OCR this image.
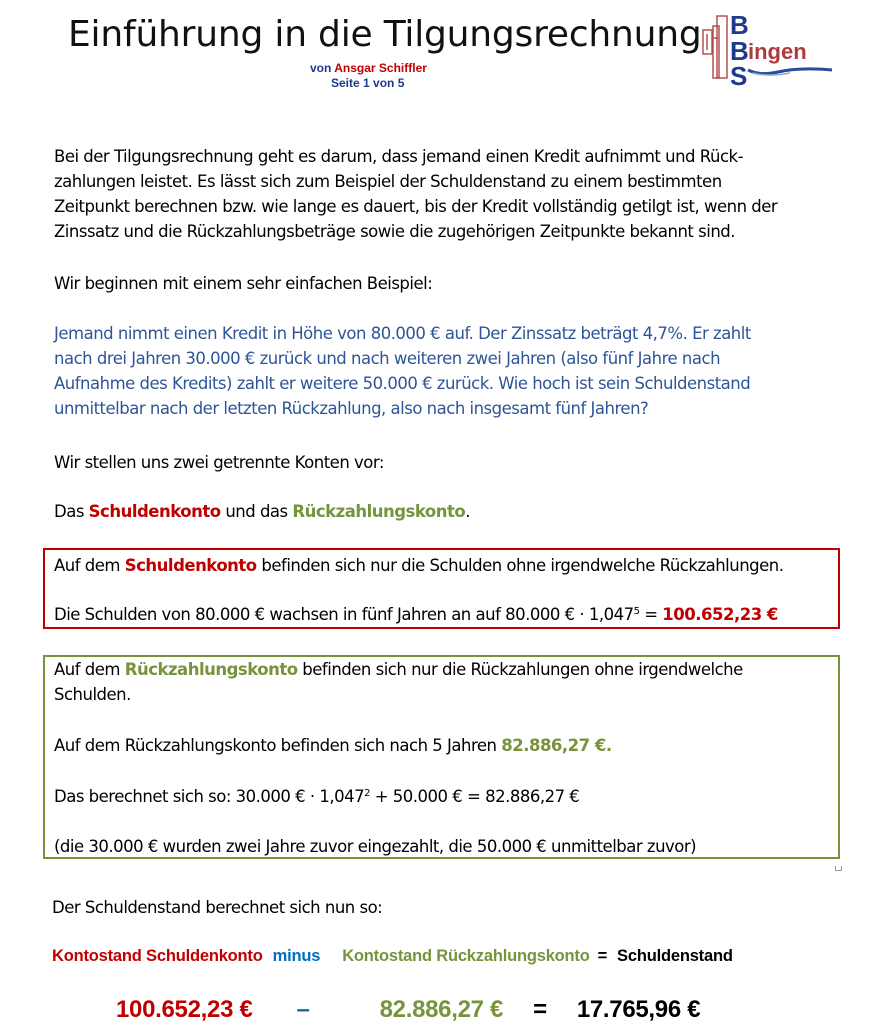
Einführung in die Tilgungsrechnung
von Ansgar Schiffler
Seite 1 von 5
B
B ingen
S
Bei der Tilgungsrechnung geht es darum, dass jemand einen Kredit aufnimmt und Rück-
zahlungen leistet. Es lässt sich zum Beispiel der Schuldenstand zu einem bestimmten
Zeitpunkt berechnen bzw. wie lange es dauert, bis der Kredit vollständig getilgt ist, wenn der
Zinssatz und die Rückzahlungsbeträge sowie die zugehörigen Zeitpunkte bekannt sind.
Wir beginnen mit einem sehr einfachen Beispiel:
Jemand nimmt einen Kredit in Höhe von 80.000 € auf. Der Zinssatz beträgt 4,7%. Er zahlt
nach drei Jahren 30.000 € zurück und nach weiteren zwei Jahren (also fünf Jahre nach
Aufnahme des Kredits) zahlt er weitere 50.000 € zurück. Wie hoch ist sein Schuldenstand
unmittelbar nach der letzten Rückzahlung, also nach insgesamt fünf Jahren?
Wir stellen uns zwei getrennte Konten vor:
Das Schuldenkonto und das Rückzahlungskonto.
Auf dem Schuldenkonto befinden sich nur die Schulden ohne irgendwelche Rückzahlungen.
Die Schulden von 80.000 € wachsen in fünf Jahren an auf 80.000 € · $1,047^5 = 100.652,23$ €
Auf dem Rückzahlungskonto befinden sich nur die Rückzahlungen ohne irgendwelche
Schulden.
Auf dem Rückzahlungskonto befinden sich nach 5 Jahren 82.886,27 €.
Das berechnet sich so: 30.000 € · $1,047^2 + 50.000$ € = 82.886,27 €
(die 30.000 € wurden zwei Jahre zuvor eingezahlt, die 50.000 € unmittelbar zuvor)
Der Schuldenstand berechnet sich nun so:
Kontostand Schuldenkonto minus Kontostand Rückzahlungskonto = Schuldenstand
100.652,23 € –	82.886,27 € = 17.765,96 €
